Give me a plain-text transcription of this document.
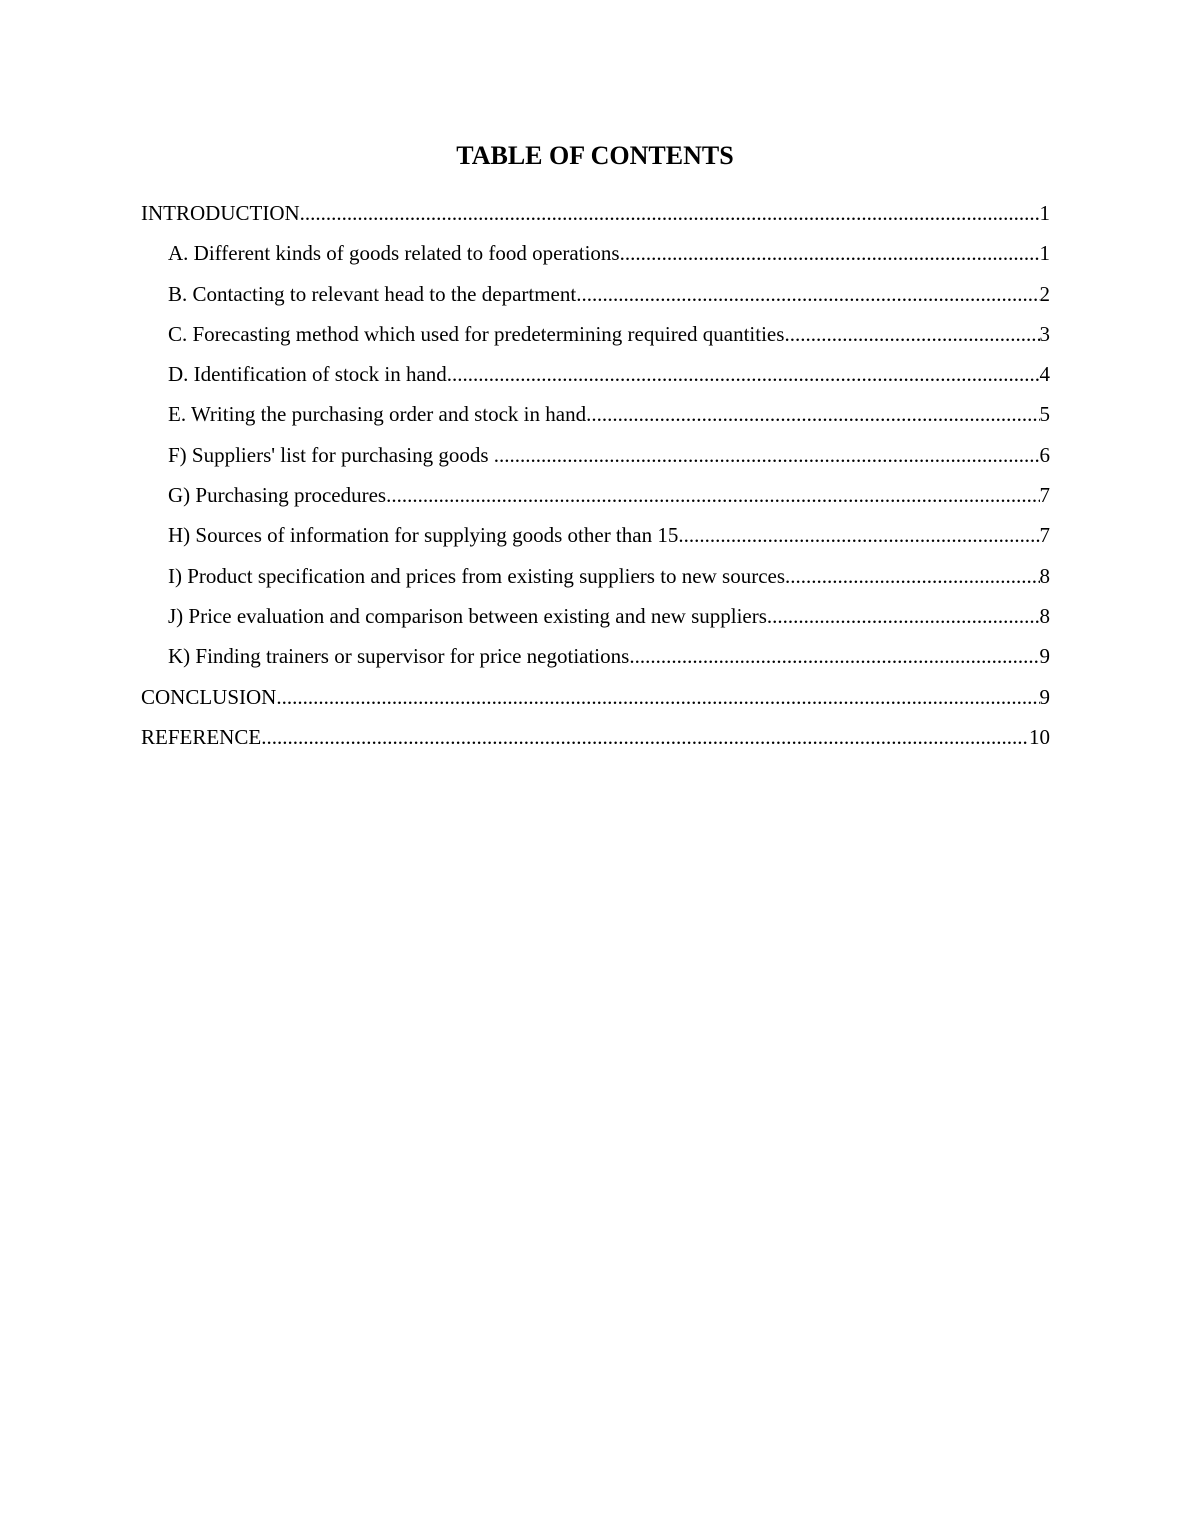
TABLE OF CONTENTS
INTRODUCTION .....	1
A. Different kinds of goods related to food operations .....	1
B. Contacting to relevant head to the department .....	2
C. Forecasting method which used for predetermining required quantities .....	3
D. Identification of stock in hand .....	4
E. Writing the purchasing order and stock in hand .....	5
F) Suppliers' list for purchasing goods .....	6
G) Purchasing procedures .....	7
H) Sources of information for supplying goods other than 15 .....	7
I) Product specification and prices from existing suppliers to new sources .....	8
J) Price evaluation and comparison between existing and new suppliers .....	8
K) Finding trainers or supervisor for price negotiations .....	9
CONCLUSION .....	9
REFERENCE .....	10
